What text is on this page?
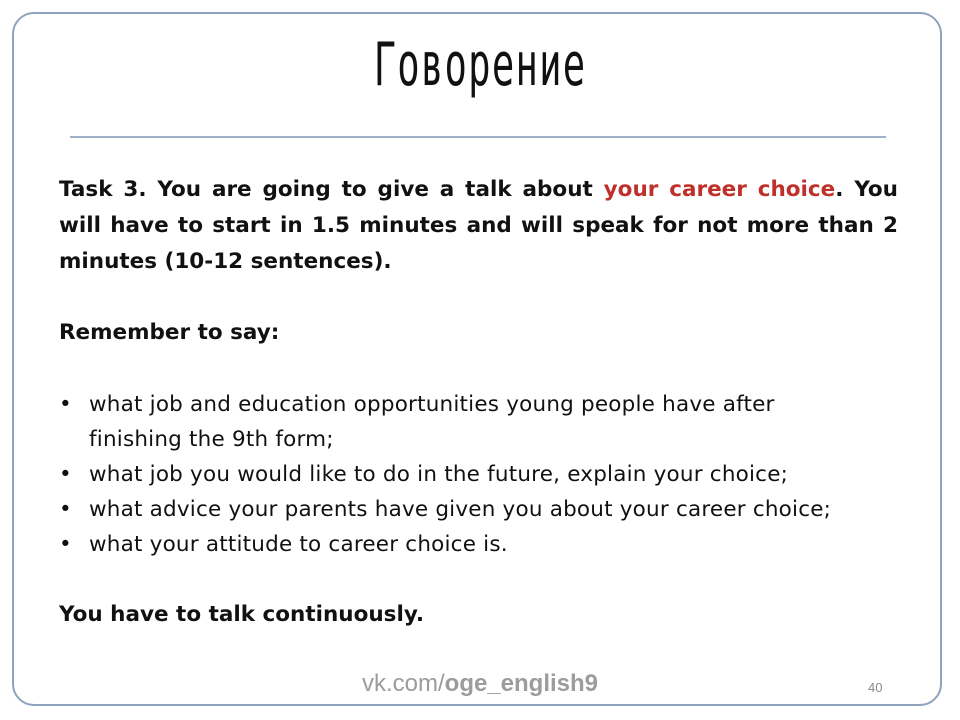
Говорение

Task 3. You are going to give a talk about your career choice. You will have to start in 1.5 minutes and will speak for not more than 2 minutes (10-12 sentences).

Remember to say:

• what job and education opportunities young people have after finishing the 9th form;
• what job you would like to do in the future, explain your choice;
• what advice your parents have given you about your career choice;
• what your attitude to career choice is.

You have to talk continuously.

vk.com/oge_english9	40
